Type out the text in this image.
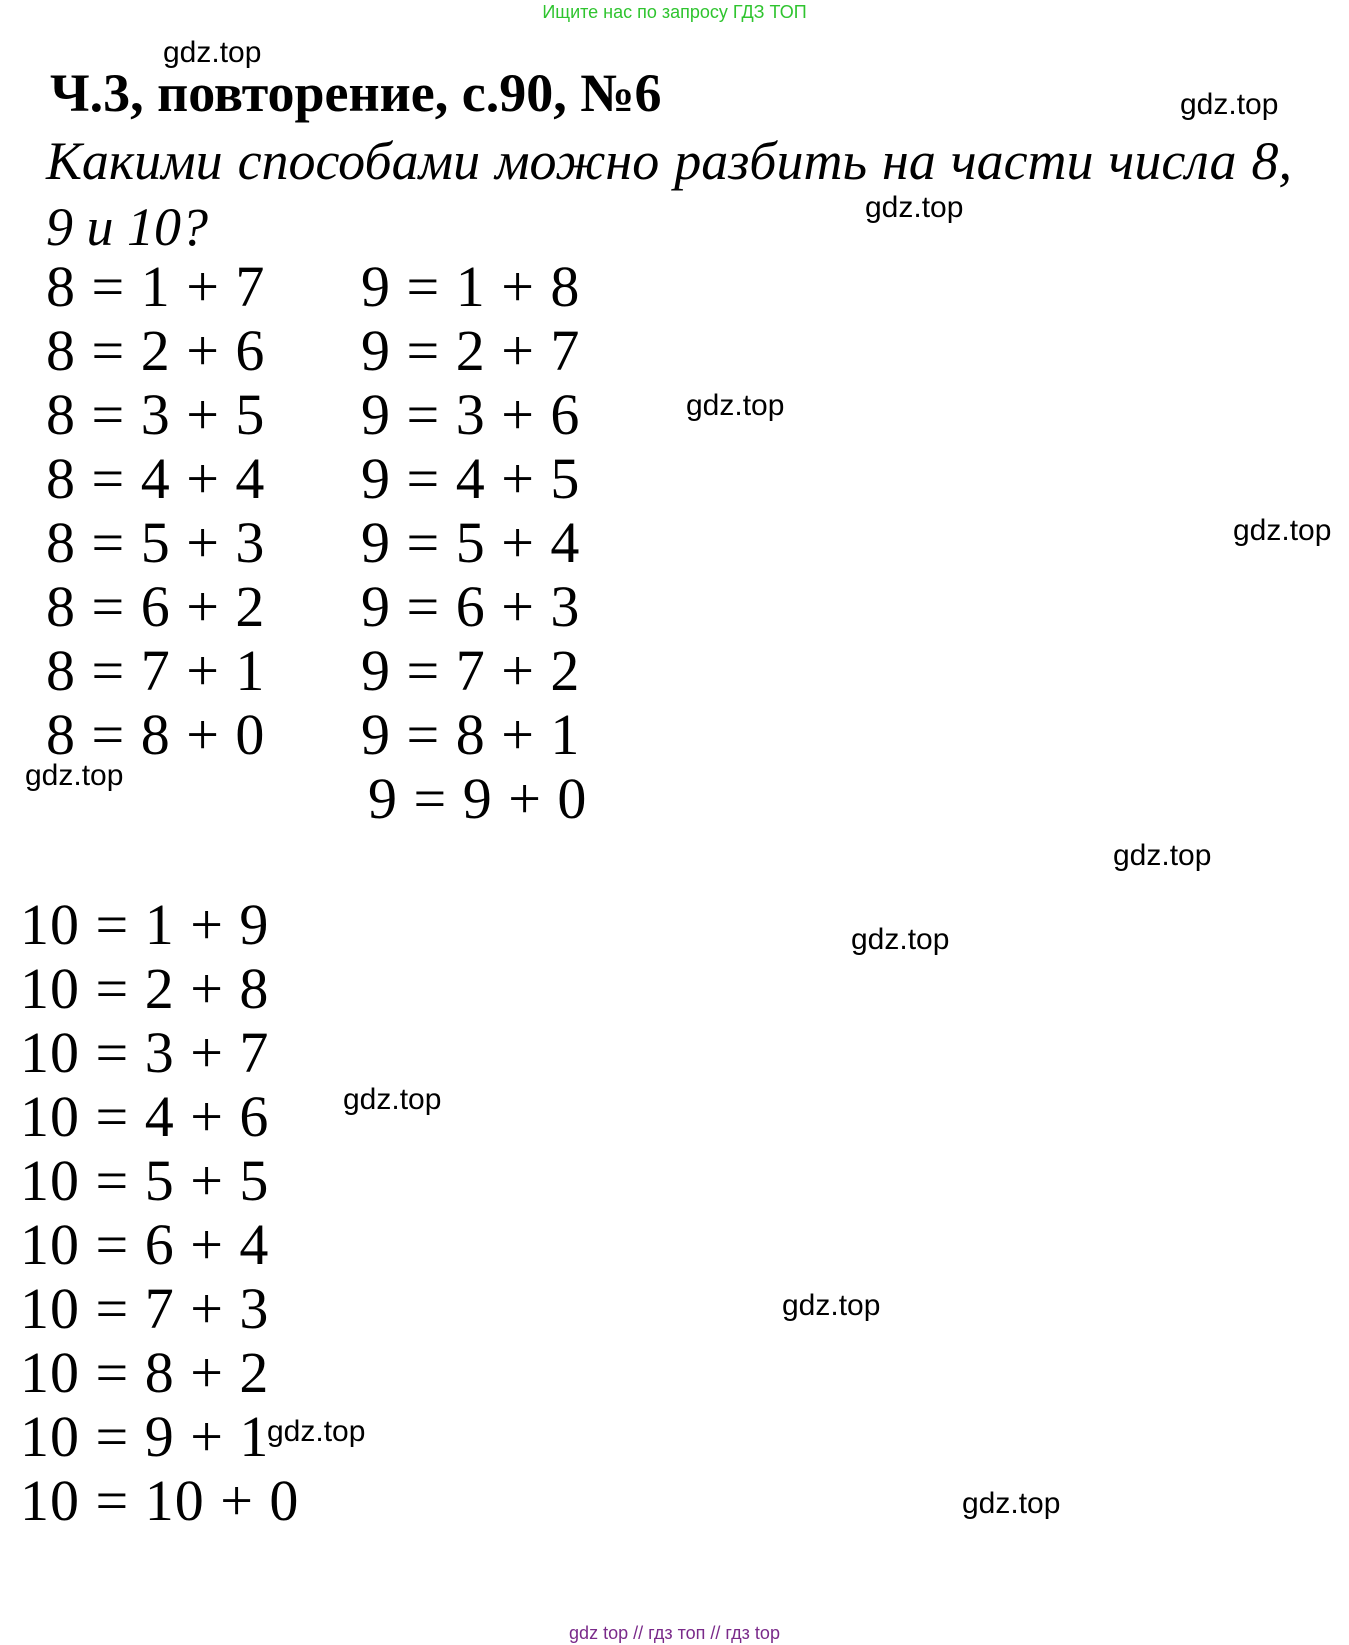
Ищите нас по запросу ГДЗ ТОП
Ч.3, повторение, с.90, №6
Какими способами можно разбить на части числа 8, 9 и 10?
8 = 1 + 7
8 = 2 + 6
8 = 3 + 5
8 = 4 + 4
8 = 5 + 3
8 = 6 + 2
8 = 7 + 1
8 = 8 + 0
9 = 1 + 8
9 = 2 + 7
9 = 3 + 6
9 = 4 + 5
9 = 5 + 4
9 = 6 + 3
9 = 7 + 2
9 = 8 + 1
9 = 9 + 0
10 = 1 + 9
10 = 2 + 8
10 = 3 + 7
10 = 4 + 6
10 = 5 + 5
10 = 6 + 4
10 = 7 + 3
10 = 8 + 2
10 = 9 + 1
10 = 10 + 0
gdz.top
gdz.top
gdz.top
gdz.top
gdz.top
gdz.top
gdz.top
gdz.top
gdz.top
gdz.top
gdz.top
gdz.top
gdz top // гдз топ // гдз top
